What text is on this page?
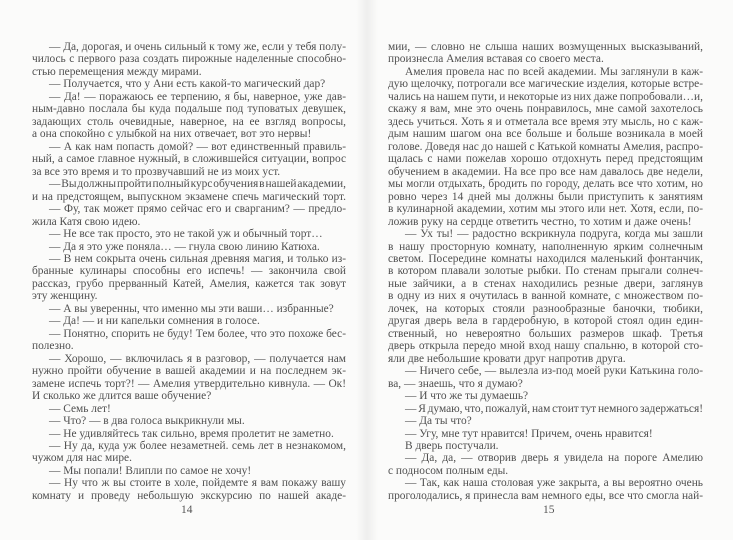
— Да, дорогая, и очень сильный к тому же, если у тебя полу-
чилось с первого раза создать пирожные наделенные способно-
стью перемещения между мирами.
— Получается, что у Ани есть какой-то магический дар?
— Да! — поражаюсь ее терпению, я бы, наверное, уже дав-
ным-давно послала бы куда подальше под туповатых девушек,
задающих столь очевидные, наверное, на ее взгляд вопросы,
а она спокойно с улыбкой на них отвечает, вот это нервы!
— А как нам попасть домой? — вот единственный правиль-
ный, а самое главное нужный, в сложившейся ситуации, вопрос
за все это время и то прозвучавший не из моих уст.
— Вы должны пройти полный курс обучения в нашей академии,
и на предстоящем, выпускном экзамене спечь магический торт.
— Фу, так может прямо сейчас его и сварганим? — предло-
жила Катя свою идею.
— Не все так просто, это не такой уж и обычный торт…
— Да я это уже поняла… — гнула свою линию Катюха.
— В нем сокрыта очень сильная древняя магия, и только из-
бранные кулинары способны его испечь! — закончила свой
рассказ, грубо прерванный Катей, Амелия, кажется так зовут
эту женщину.
— А вы уверенны, что именно мы эти ваши… избранные?
— Да! — и ни капельки сомнения в голосе.
— Понятно, спорить не буду! Тем более, что это похоже бес-
полезно.
— Хорошо, — включилась я в разговор, — получается нам
нужно пройти обучение в вашей академии и на последнем эк-
замене испечь торт?! — Амелия утвердительно кивнула. — Ок!
И сколько же длится ваше обучение?
— Семь лет!
— Что? — в два голоса выкрикнули мы.
— Не удивляйтесь так сильно, время пролетит не заметно.
— Ну да, куда уж более незаметней. семь лет в незнакомом,
чужом для нас мире.
— Мы попали! Влипли по самое не хочу!
— Ну что ж вы стоите в холе, пойдемте я вам покажу вашу
комнату и проведу небольшую экскурсию по нашей акаде-
мии, — словно не слыша наших возмущенных высказываний,
произнесла Амелия вставая со своего места.
Амелия провела нас по всей академии. Мы заглянули в каж-
дую щелочку, потрогали все магические изделия, которые встре-
чались на нашем пути, и некоторые из них даже попробовали…и,
скажу я вам, мне это очень понравилось, мне самой захотелось
здесь учиться. Хоть я и отметала все время эту мысль, но с каж-
дым нашим шагом она все больше и больше возникала в моей
голове. Доведя нас до нашей с Катькой комнаты Амелия, распро-
щалась с нами пожелав хорошо отдохнуть перед предстоящим
обучением в академии. На все про все нам давалось две недели,
мы могли отдыхать, бродить по городу, делать все что хотим, но
ровно через 14 дней мы должны были приступить к занятиям
в кулинарной академии, хотим мы этого или нет. Хотя, если, по-
ложив руку на сердце ответить честно, то хотим и даже очень!
— Ух ты! — радостно вскрикнула подруга, когда мы зашли
в нашу просторную комнату, наполненную ярким солнечным
светом. Посередине комнаты находился маленький фонтанчик,
в котором плавали золотые рыбки. По стенам прыгали солнеч-
ные зайчики, а в стенах находились резные двери, заглянув
в одну из них я очутилась в ванной комнате, с множеством по-
лочек, на которых стояли разнообразные баночки, тюбики,
другая дверь вела в гардеробную, в которой стоял один един-
ственный, но невероятно больших размеров шкаф. Третья
дверь открыла передо мной вход нашу спальню, в которой сто-
яли две небольшие кровати друг напротив друга.
— Ничего себе, — вылезла из-под моей руки Катькина голо-
ва, — знаешь, что я думаю?
— И что же ты думаешь?
— Я думаю, что, пожалуй, нам стоит тут немного задержаться!
— Да ты что?
— Угу, мне тут нравится! Причем, очень нравится!
В дверь постучали.
— Да, да, — отворив дверь я увидела на пороге Амелию
с подносом полным еды.
— Так, как наша столовая уже закрыта, а вы вероятно очень
проголодались, я принесла вам немного еды, все что смогла най-
14	15
